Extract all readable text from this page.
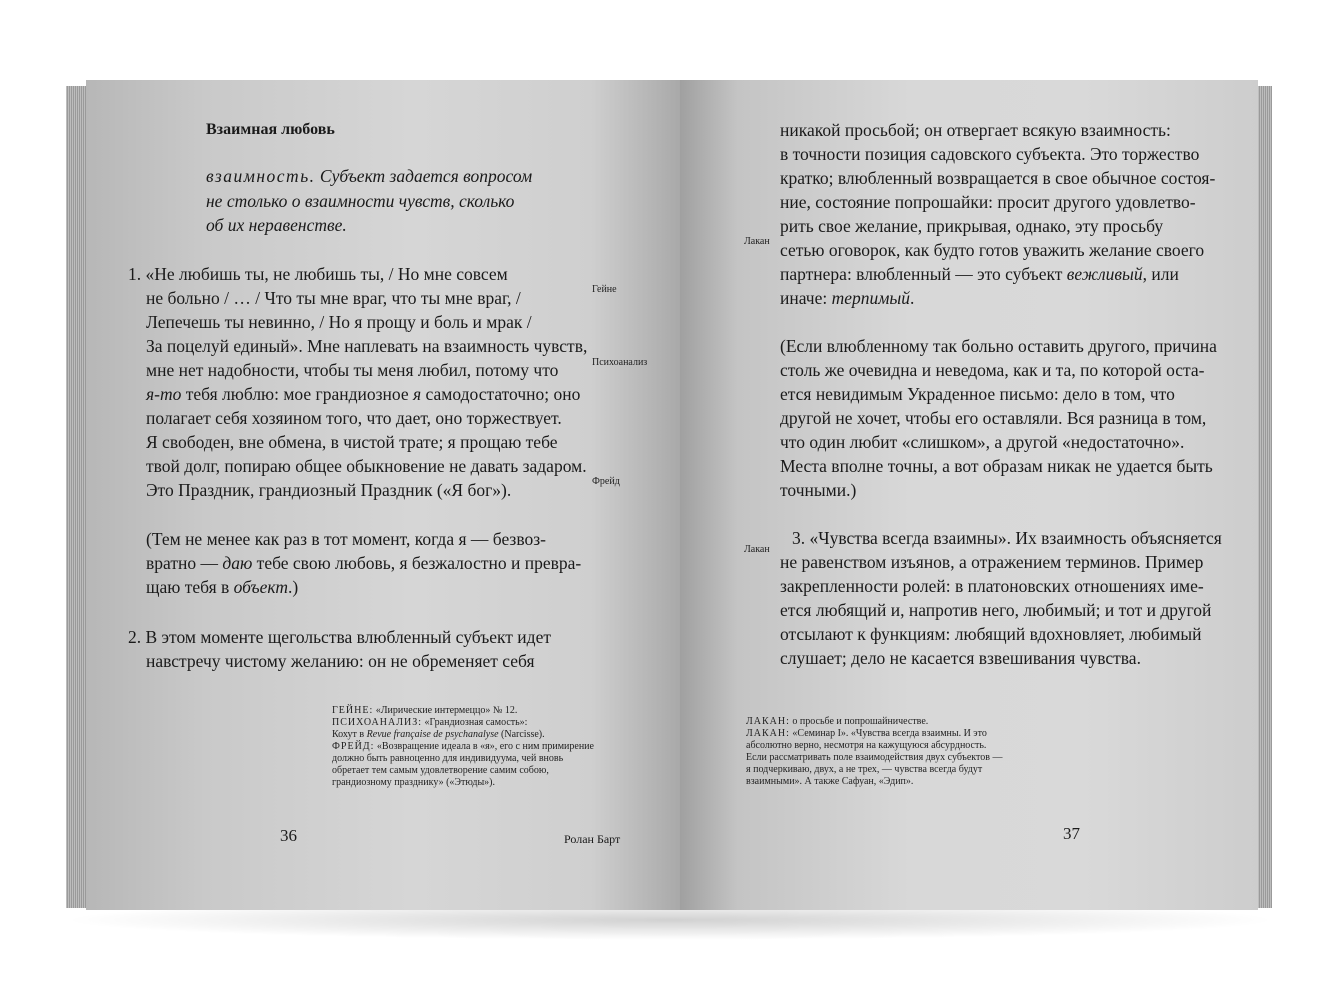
Взаимная любовь
взаимность. Субъект задается вопросом
не столько о взаимности чувств, сколько
об их неравенстве.
1. «Не любишь ты, не любишь ты, / Но мне совсем
не больно / … / Что ты мне враг, что ты мне враг, /
Лепечешь ты невинно, / Но я прощу и боль и мрак /
За поцелуй единый». Мне наплевать на взаимность чувств,
мне нет надобности, чтобы ты меня любил, потому что
я-то тебя люблю: мое грандиозное я самодостаточно; оно
полагает себя хозяином того, что дает, оно торжествует.
Я свободен, вне обмена, в чистой трате; я прощаю тебе
твой долг, попираю общее обыкновение не давать задаром.
Это Праздник, грандиозный Праздник («Я бог»).
(Тем не менее как раз в тот момент, когда я — безвоз-
вратно — даю тебе свою любовь, я безжалостно и превра-
щаю тебя в объект.)
2. В этом моменте щегольства влюбленный субъект идет
навстречу чистому желанию: он не обременяет себя
Гейне
Психоанализ
Фрейд
ГЕЙНЕ: «Лирические интермеццо» № 12.
ПСИХОАНАЛИЗ: «Грандиозная самость»:
Кохут в Revue française de psychanalyse (Narcisse).
ФРЕЙД: «Возвращение идеала в «я», его с ним примирение
должно быть равноценно для индивидуума, чей вновь
обретает тем самым удовлетворение самим собою,
грандиозному празднику» («Этюды»).
36	Ролан Барт
никакой просьбой; он отвергает всякую взаимность:
в точности позиция садовского субъекта. Это торжество
кратко; влюбленный возвращается в свое обычное состоя-
ние, состояние попрошайки: просит другого удовлетво-
рить свое желание, прикрывая, однако, эту просьбу
сетью оговорок, как будто готов уважить желание своего
партнера: влюбленный — это субъект вежливый, или
иначе: терпимый.
(Если влюбленному так больно оставить другого, причина
столь же очевидна и неведома, как и та, по которой оста-
ется невидимым Украденное письмо: дело в том, что
другой не хочет, чтобы его оставляли. Вся разница в том,
что один любит «слишком», а другой «недостаточно».
Места вполне точны, а вот образам никак не удается быть
точными.)
3. «Чувства всегда взаимны». Их взаимность объясняется
не равенством изъянов, а отражением терминов. Пример
закрепленности ролей: в платоновских отношениях име-
ется любящий и, напротив него, любимый; и тот и другой
отсылают к функциям: любящий вдохновляет, любимый
слушает; дело не касается взвешивания чувства.
Лакан
Лакан
ЛАКАН: о просьбе и попрошайничестве.
ЛАКАН: «Семинар I». «Чувства всегда взаимны. И это
абсолютно верно, несмотря на кажущуюся абсурдность.
Если рассматривать поле взаимодействия двух субъектов —
я подчеркиваю, двух, а не трех, — чувства всегда будут
взаимными». А также Сафуан, «Эдип».
37
